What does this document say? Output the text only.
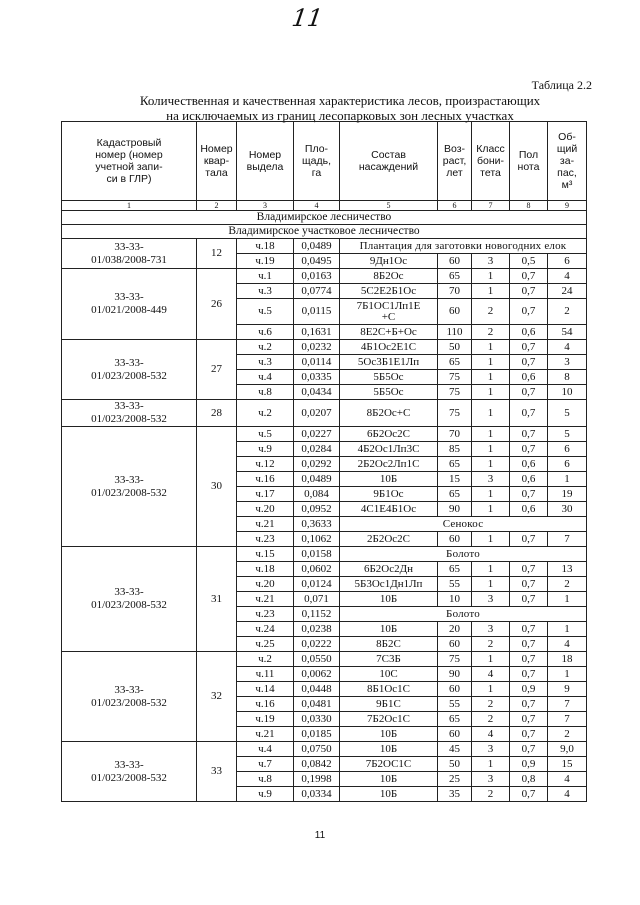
11
Таблица 2.2
Количественная и качественная характеристика лесов, произрастающих
на исключаемых из границ лесопарковых зон лесных участках
Кадастровый
номер (номер
учетной запи-
си в ГЛР)	Номер
квар-
тала	Номер
выдела	Пло-
щадь,
га	Состав
насаждений	Воз-
раст,
лет	Класс
бони-
тета	Пол
нота	Об-
щий
за-
пас,
м³
1	2	3	4	5	6	7	8	9
Владимирское лесничество								
Владимирское участковое лесничество								
33-33-
01/038/2008-731	12	ч.18	0,0489	Плантация для заготовки новогодних елок				
		ч.19	0,0495	9Дн1Ос	60	3	0,5	6
33-33-
01/021/2008-449	26	ч.1	0,0163	8Б2Ос	65	1	0,7	4
		ч.3	0,0774	5С2Е2Б1Ос	70	1	0,7	24
		ч.5	0,0115	7Б1ОС1Лп1Е
+С	60	2	0,7	2
		ч.6	0,1631	8Е2С+Б+Ос	110	2	0,6	54
33-33-
01/023/2008-532	27	ч.2	0,0232	4Б1Ос2Е1С	50	1	0,7	4
		ч.3	0,0114	5Ос3Б1Е1Лп	65	1	0,7	3
		ч.4	0,0335	5Б5Ос	75	1	0,6	8
		ч.8	0,0434	5Б5Ос	75	1	0,7	10
33-33-
01/023/2008-532	28	ч.2	0,0207	8Б2Ос+С	75	1	0,7	5
33-33-
01/023/2008-532	30	ч.5	0,0227	6Б2Ос2С	70	1	0,7	5
		ч.9	0,0284	4Б2Ос1Лп3С	85	1	0,7	6
		ч.12	0,0292	2Б2Ос2Лп1С	65	1	0,6	6
		ч.16	0,0489	10Б	15	3	0,6	1
		ч.17	0,084	9Б1Ос	65	1	0,7	19
		ч.20	0,0952	4С1Е4Б1Ос	90	1	0,6	30
		ч.21	0,3633	Сенокос				
		ч.23	0,1062	2Б2Ос2С	60	1	0,7	7
33-33-
01/023/2008-532	31	ч.15	0,0158	Болото				
		ч.18	0,0602	6Б2Ос2Дн	65	1	0,7	13
		ч.20	0,0124	5Б3Ос1Дн1Лп	55	1	0,7	2
		ч.21	0,071	10Б	10	3	0,7	1
		ч.23	0,1152	Болото				
		ч.24	0,0238	10Б	20	3	0,7	1
		ч.25	0,0222	8Б2С	60	2	0,7	4
33-33-
01/023/2008-532	32	ч.2	0,0550	7С3Б	75	1	0,7	18
		ч.11	0,0062	10С	90	4	0,7	1
		ч.14	0,0448	8Б1Ос1С	60	1	0,9	9
		ч.16	0,0481	9Б1С	55	2	0,7	7
		ч.19	0,0330	7Б2Ос1С	65	2	0,7	7
		ч.21	0,0185	10Б	60	4	0,7	2
33-33-
01/023/2008-532	33	ч.4	0,0750	10Б	45	3	0,7	9,0
		ч.7	0,0842	7Б2ОС1С	50	1	0,9	15
		ч.8	0,1998	10Б	25	3	0,8	4
		ч.9	0,0334	10Б	35	2	0,7	4
11
